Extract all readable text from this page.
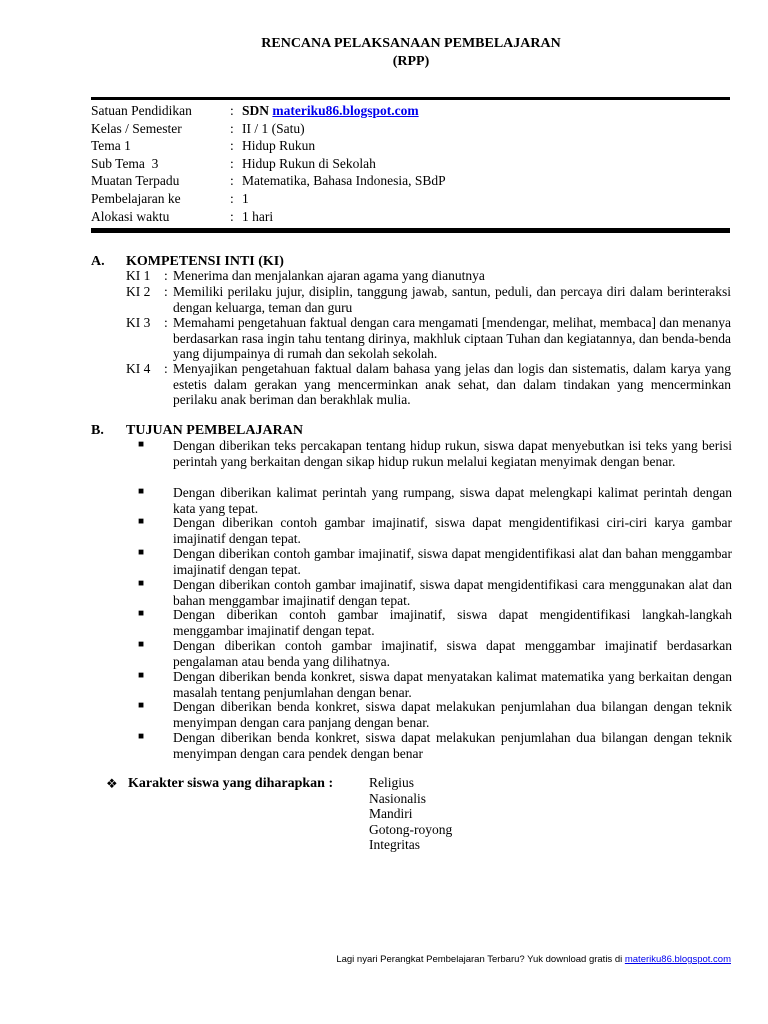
RENCANA PELAKSANAAN PEMBELAJARAN
(RPP)
Satuan Pendidikan	: SDN materiku86.blogspot.com
Kelas / Semester	: II / 1 (Satu)
Tema 1	: Hidup Rukun
Sub Tema  3	: Hidup Rukun di Sekolah
Muatan Terpadu	: Matematika, Bahasa Indonesia, SBdP
Pembelajaran ke	: 1
Alokasi waktu	: 1 hari
A. KOMPETENSI INTI (KI)
KI 1 : Menerima dan menjalankan ajaran agama yang dianutnya
KI 2 : Memiliki perilaku jujur, disiplin, tanggung jawab, santun, peduli, dan percaya diri dalam berinteraksi dengan keluarga, teman dan guru
KI 3 : Memahami pengetahuan faktual dengan cara mengamati [mendengar, melihat, membaca] dan menanya berdasarkan rasa ingin tahu tentang dirinya, makhluk ciptaan Tuhan dan kegiatannya, dan benda-benda yang dijumpainya di rumah dan sekolah sekolah.
KI 4 : Menyajikan pengetahuan faktual dalam bahasa yang jelas dan logis dan sistematis, dalam karya yang estetis dalam gerakan yang mencerminkan anak sehat, dan dalam tindakan yang mencerminkan perilaku anak beriman dan berakhlak mulia.
B. TUJUAN PEMBELAJARAN
■ Dengan diberikan teks percakapan tentang hidup rukun, siswa dapat menyebutkan isi teks yang berisi perintah yang berkaitan dengan sikap hidup rukun melalui kegiatan menyimak dengan benar.
■ Dengan diberikan kalimat perintah yang rumpang, siswa dapat melengkapi kalimat perintah dengan kata yang tepat.
■ Dengan diberikan contoh gambar imajinatif, siswa dapat mengidentifikasi ciri-ciri karya gambar imajinatif dengan tepat.
■ Dengan diberikan contoh gambar imajinatif, siswa dapat mengidentifikasi alat dan bahan menggambar imajinatif dengan tepat.
■ Dengan diberikan contoh gambar imajinatif, siswa dapat mengidentifikasi cara menggunakan alat dan bahan menggambar imajinatif dengan tepat.
■ Dengan diberikan contoh gambar imajinatif, siswa dapat mengidentifikasi langkah-langkah menggambar imajinatif dengan tepat.
■ Dengan diberikan contoh gambar imajinatif, siswa dapat menggambar imajinatif berdasarkan pengalaman atau benda yang dilihatnya.
■ Dengan diberikan benda konkret, siswa dapat menyatakan kalimat matematika yang berkaitan dengan masalah tentang penjumlahan dengan benar.
■ Dengan diberikan benda konkret, siswa dapat melakukan penjumlahan dua bilangan dengan teknik menyimpan dengan cara panjang dengan benar.
■ Dengan diberikan benda konkret, siswa dapat melakukan penjumlahan dua bilangan dengan teknik menyimpan dengan cara pendek dengan benar
❖ Karakter siswa yang diharapkan :	Religius
Nasionalis
Mandiri
Gotong-royong
Integritas
Lagi nyari Perangkat Pembelajaran Terbaru? Yuk download gratis di materiku86.blogspot.com
